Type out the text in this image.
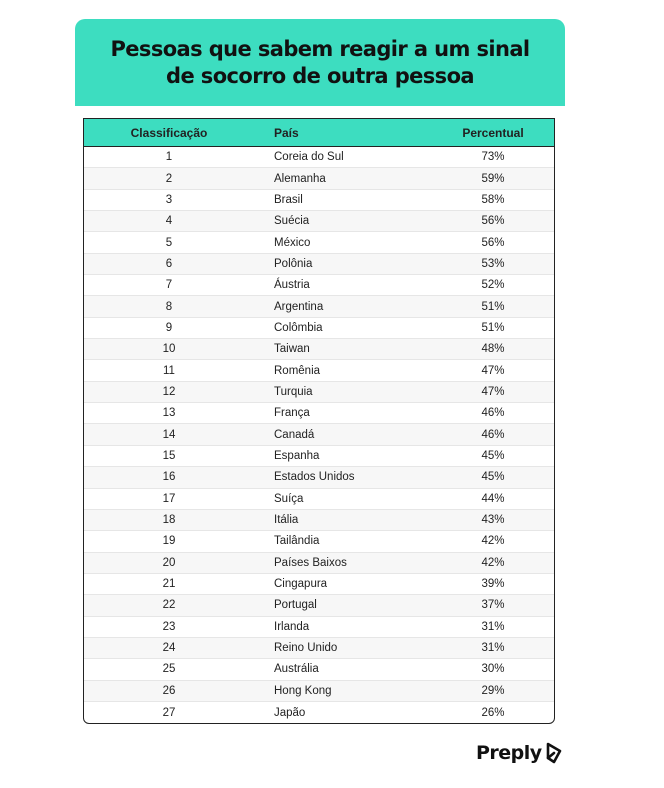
Pessoas que sabem reagir a um sinal de socorro de outra pessoa
Classificação	País	Percentual
1	Coreia do Sul	73%
2	Alemanha	59%
3	Brasil	58%
4	Suécia	56%
5	México	56%
6	Polônia	53%
7	Áustria	52%
8	Argentina	51%
9	Colômbia	51%
10	Taiwan	48%
11	Romênia	47%
12	Turquia	47%
13	França	46%
14	Canadá	46%
15	Espanha	45%
16	Estados Unidos	45%
17	Suíça	44%
18	Itália	43%
19	Tailândia	42%
20	Países Baixos	42%
21	Cingapura	39%
22	Portugal	37%
23	Irlanda	31%
24	Reino Unido	31%
25	Austrália	30%
26	Hong Kong	29%
27	Japão	26%
Preply
